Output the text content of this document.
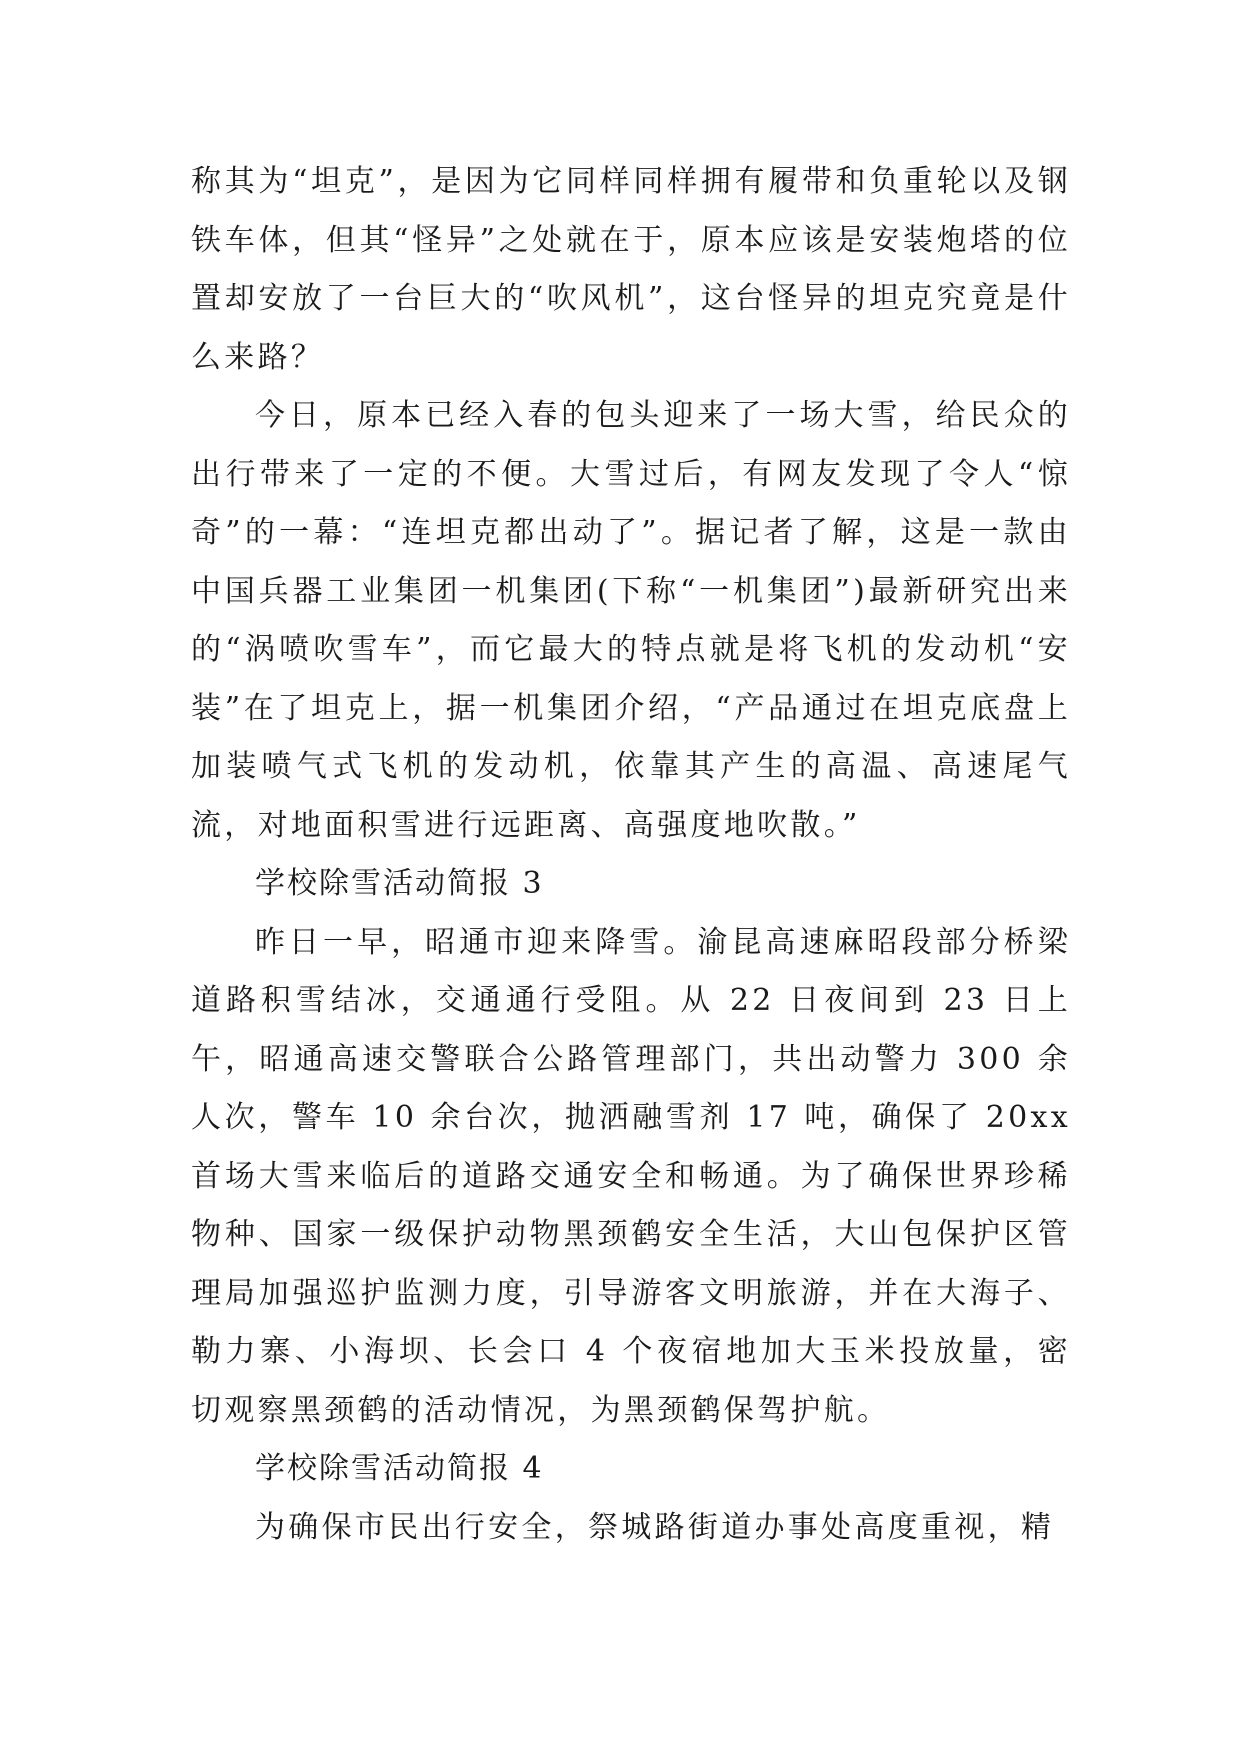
称其为“坦克”，是因为它同样同样拥有履带和负重轮以及钢铁车体，但其“怪异”之处就在于，原本应该是安装炮塔的位置却安放了一台巨大的“吹风机”，这台怪异的坦克究竟是什么来路？

今日，原本已经入春的包头迎来了一场大雪，给民众的出行带来了一定的不便。大雪过后，有网友发现了令人“惊奇”的一幕：“连坦克都出动了”。据记者了解，这是一款由中国兵器工业集团一机集团(下称“一机集团”)最新研究出来的“涡喷吹雪车”，而它最大的特点就是将飞机的发动机“安装”在了坦克上，据一机集团介绍，“产品通过在坦克底盘上加装喷气式飞机的发动机，依靠其产生的高温、高速尾气流，对地面积雪进行远距离、高强度地吹散。”

学校除雪活动简报 3

昨日一早，昭通市迎来降雪。渝昆高速麻昭段部分桥梁道路积雪结冰，交通通行受阻。从 22 日夜间到 23 日上午，昭通高速交警联合公路管理部门，共出动警力 300 余人次，警车 10 余台次，抛洒融雪剂 17 吨，确保了 20xx 首场大雪来临后的道路交通安全和畅通。为了确保世界珍稀物种、国家一级保护动物黑颈鹤安全生活，大山包保护区管理局加强巡护监测力度，引导游客文明旅游，并在大海子、勒力寨、小海坝、长会口 4 个夜宿地加大玉米投放量，密切观察黑颈鹤的活动情况，为黑颈鹤保驾护航。

学校除雪活动简报 4

为确保市民出行安全，祭城路街道办事处高度重视，精
